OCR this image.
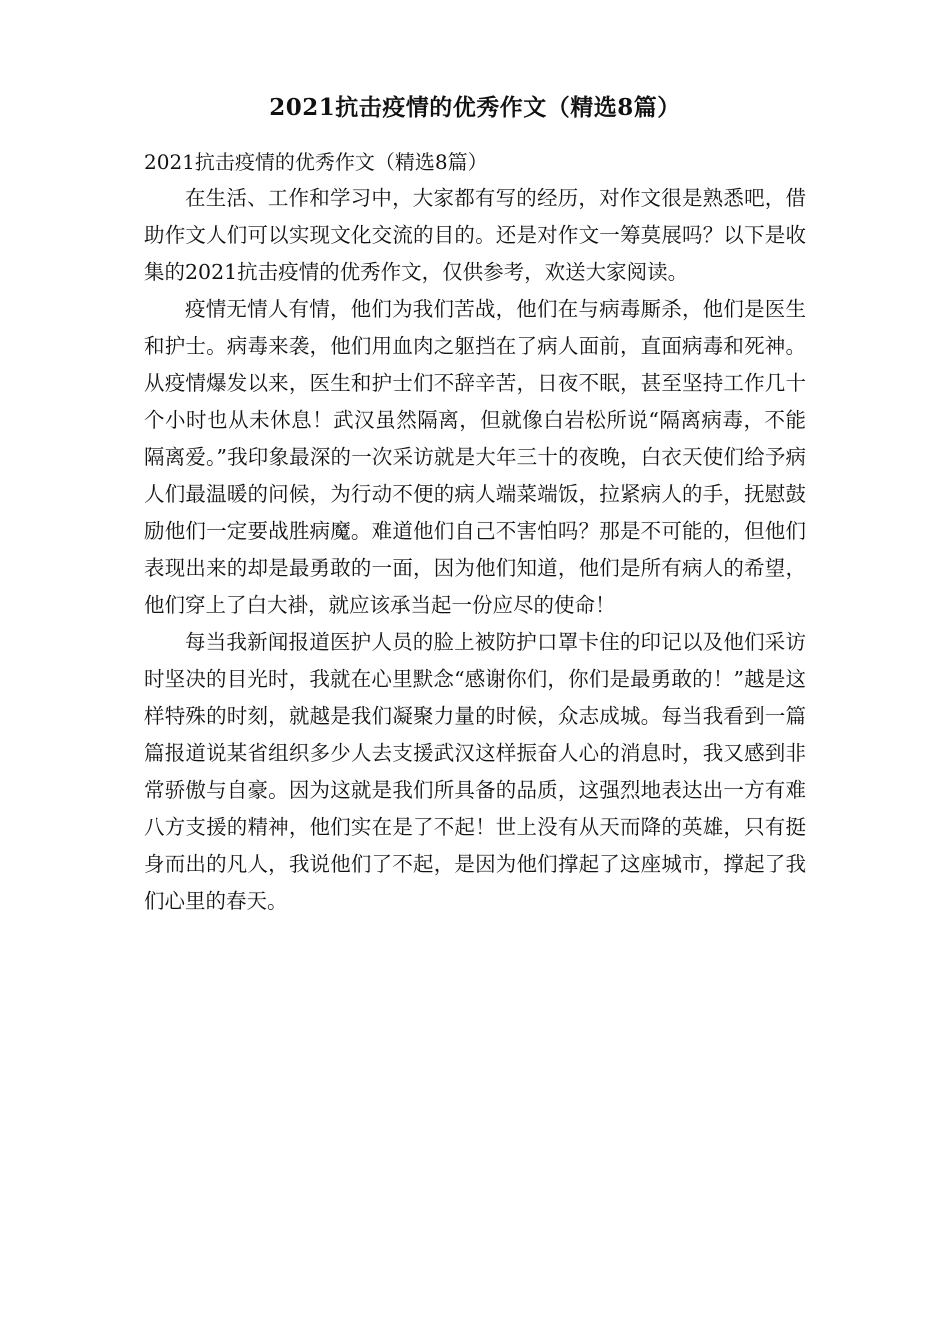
2021抗击疫情的优秀作文（精选8篇）
2021抗击疫情的优秀作文（精选8篇）

在生活、工作和学习中，大家都有写的经历，对作文很是熟悉吧，借助作文人们可以实现文化交流的目的。还是对作文一筹莫展吗？以下是收集的2021抗击疫情的优秀作文，仅供参考，欢送大家阅读。

疫情无情人有情，他们为我们苦战，他们在与病毒厮杀，他们是医生和护士。病毒来袭，他们用血肉之躯挡在了病人面前，直面病毒和死神。从疫情爆发以来，医生和护士们不辞辛苦，日夜不眠，甚至坚持工作几十个小时也从未休息！武汉虽然隔离，但就像白岩松所说“隔离病毒，不能隔离爱。”我印象最深的一次采访就是大年三十的夜晚，白衣天使们给予病人们最温暖的问候，为行动不便的病人端菜端饭，拉紧病人的手，抚慰鼓励他们一定要战胜病魔。难道他们自己不害怕吗？那是不可能的，但他们表现出来的却是最勇敢的一面，因为他们知道，他们是所有病人的希望，他们穿上了白大褂，就应该承当起一份应尽的使命！

每当我新闻报道医护人员的脸上被防护口罩卡住的印记以及他们采访时坚决的目光时，我就在心里默念“感谢你们，你们是最勇敢的！”越是这样特殊的时刻，就越是我们凝聚力量的时候，众志成城。每当我看到一篇篇报道说某省组织多少人去支援武汉这样振奋人心的消息时，我又感到非常骄傲与自豪。因为这就是我们所具备的品质，这强烈地表达出一方有难八方支援的精神，他们实在是了不起！世上没有从天而降的英雄，只有挺身而出的凡人，我说他们了不起，是因为他们撑起了这座城市，撑起了我们心里的春天。
